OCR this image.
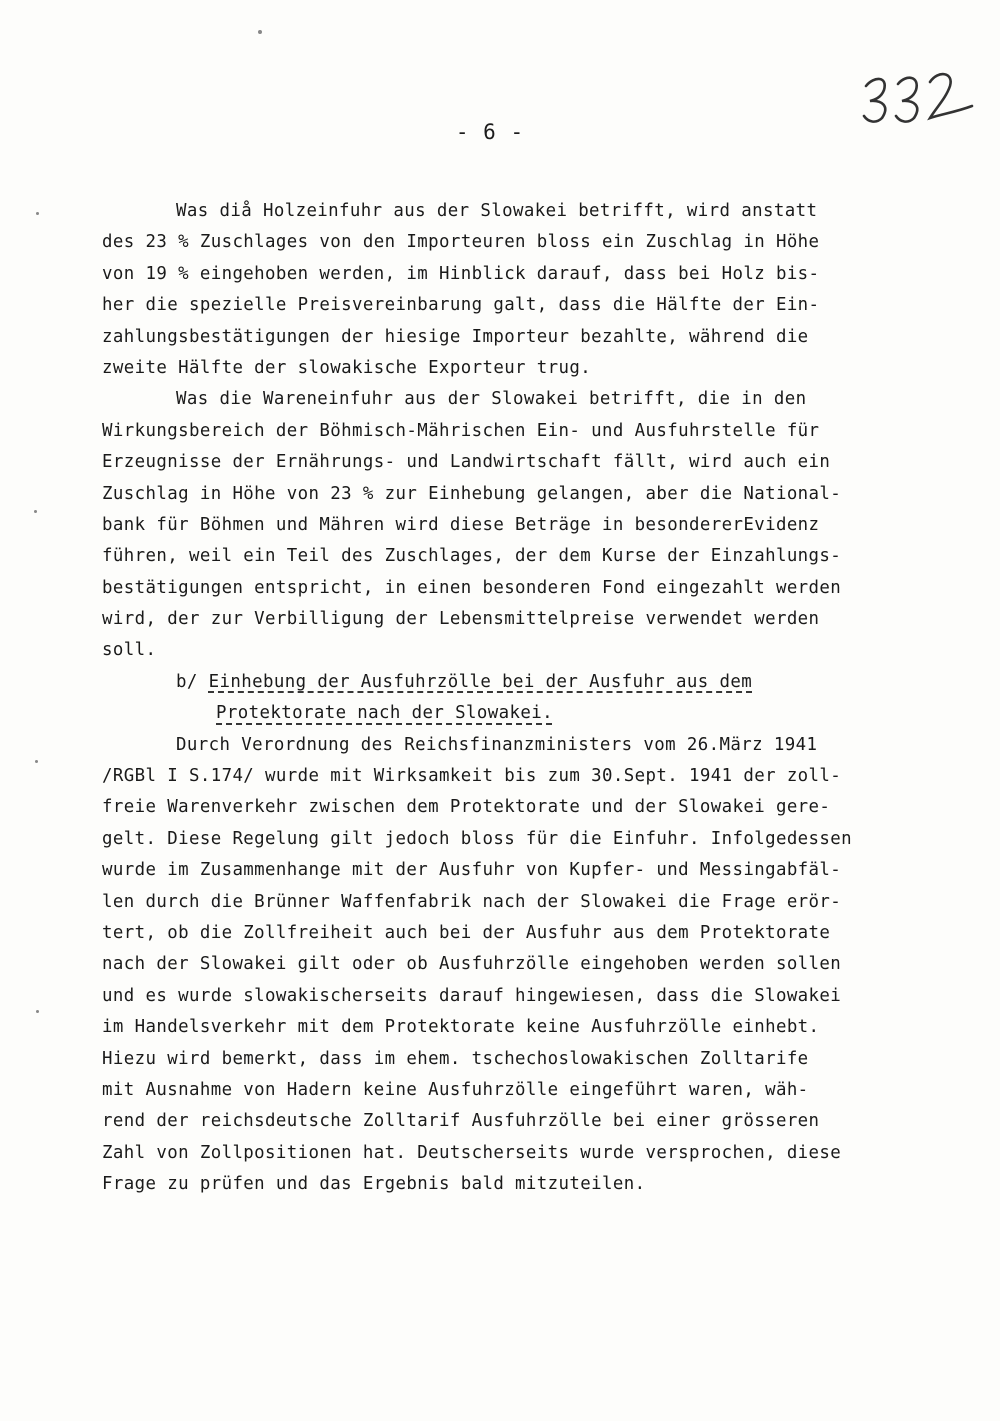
- 6 -
Was diå Holzeinfuhr aus der Slowakei betrifft, wird anstatt
des 23 % Zuschlages von den Importeuren bloss ein Zuschlag in Höhe
von 19 % eingehoben werden, im Hinblick darauf, dass bei Holz bis-
her die spezielle Preisvereinbarung galt, dass die Hälfte der Ein-
zahlungsbestätigungen der hiesige Importeur bezahlte, während die
zweite Hälfte der slowakische Exporteur trug.
Was die Wareneinfuhr aus der Slowakei betrifft, die in den
Wirkungsbereich der Böhmisch-Mährischen Ein- und Ausfuhrstelle für
Erzeugnisse der Ernährungs- und Landwirtschaft fällt, wird auch ein
Zuschlag in Höhe von 23 % zur Einhebung gelangen, aber die National-
bank für Böhmen und Mähren wird diese Beträge in besondererEvidenz
führen, weil ein Teil des Zuschlages, der dem Kurse der Einzahlungs-
bestätigungen entspricht, in einen besonderen Fond eingezahlt werden
wird, der zur Verbilligung der Lebensmittelpreise verwendet werden
soll.
b/ Einhebung der Ausfuhrzölle bei der Ausfuhr aus dem
Protektorate nach der Slowakei.
Durch Verordnung des Reichsfinanzministers vom 26.März 1941
/RGBl I S.174/ wurde mit Wirksamkeit bis zum 30.Sept. 1941 der zoll-
freie Warenverkehr zwischen dem Protektorate und der Slowakei gere-
gelt. Diese Regelung gilt jedoch bloss für die Einfuhr. Infolgedessen
wurde im Zusammenhange mit der Ausfuhr von Kupfer- und Messingabfäl-
len durch die Brünner Waffenfabrik nach der Slowakei die Frage erör-
tert, ob die Zollfreiheit auch bei der Ausfuhr aus dem Protektorate
nach der Slowakei gilt oder ob Ausfuhrzölle eingehoben werden sollen
und es wurde slowakischerseits darauf hingewiesen, dass die Slowakei
im Handelsverkehr mit dem Protektorate keine Ausfuhrzölle einhebt.
Hiezu wird bemerkt, dass im ehem. tschechoslowakischen Zolltarife
mit Ausnahme von Hadern keine Ausfuhrzölle eingeführt waren, wäh-
rend der reichsdeutsche Zolltarif Ausfuhrzölle bei einer grösseren
Zahl von Zollpositionen hat. Deutscherseits wurde versprochen, diese
Frage zu prüfen und das Ergebnis bald mitzuteilen.
